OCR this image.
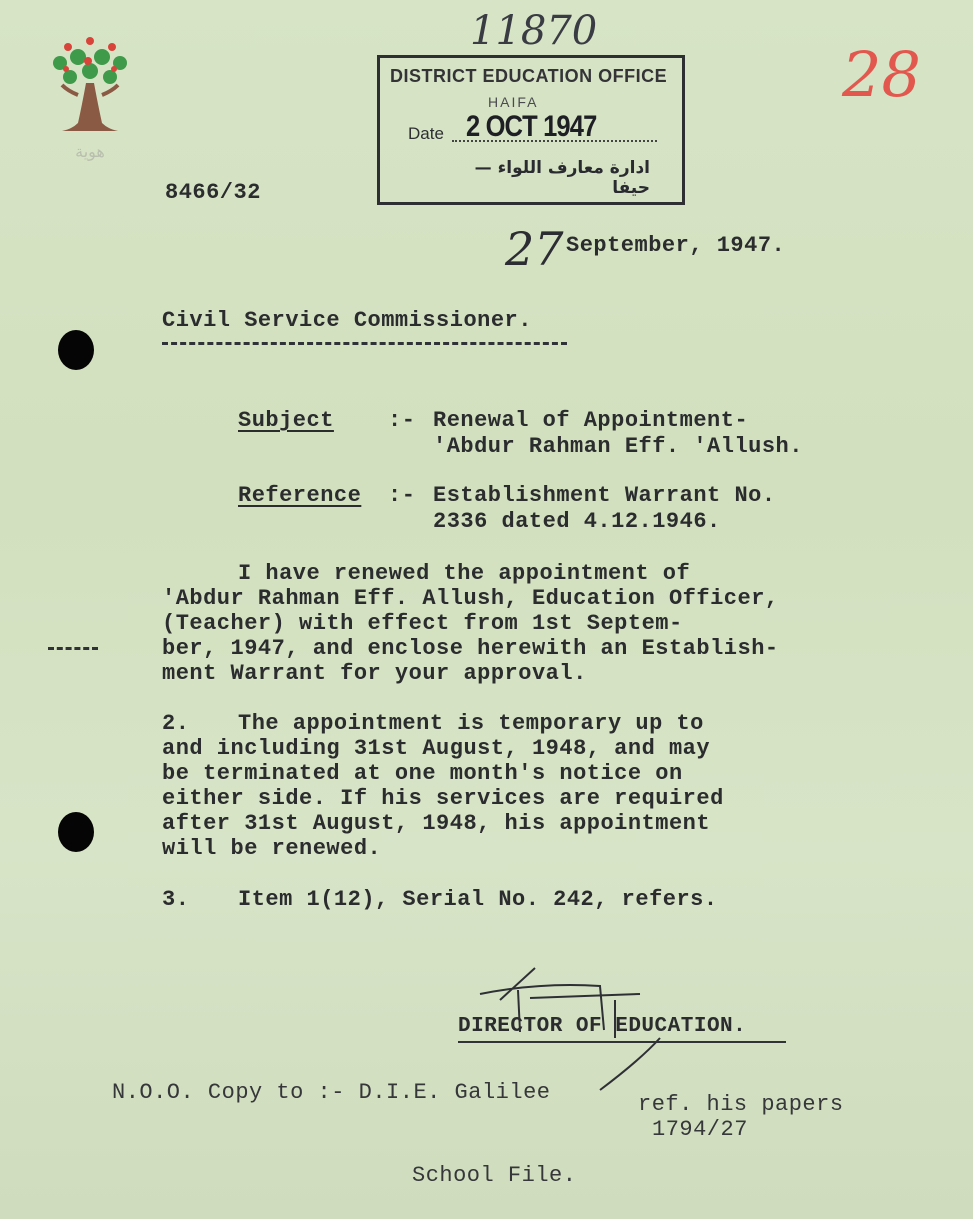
هوية
11870
28
DISTRICT EDUCATION OFFICE
HAIFA
Date 2 OCT 1947
ادارة معارف اللواء — حيفا
8466/32
27 September, 1947.
Civil Service Commissioner.
Subject :- Renewal of Appointment-
'Abdur Rahman Eff. 'Allush.
Reference :- Establishment Warrant No.
2336 dated 4.12.1946.
I have renewed the appointment of
'Abdur Rahman Eff. Allush, Education Officer,
(Teacher) with effect from 1st Septem-
ber, 1947, and enclose herewith an Establish-
ment Warrant for your approval.
2. The appointment is temporary up to
and including 31st August, 1948, and may
be terminated at one month's notice on
either side. If his services are required
after 31st August, 1948, his appointment
will be renewed.
3. Item 1(12), Serial No. 242, refers.
DIRECTOR OF EDUCATION.
N.O.O. Copy to :- D.I.E. Galilee	ref. his papers
1794/27
School File.
